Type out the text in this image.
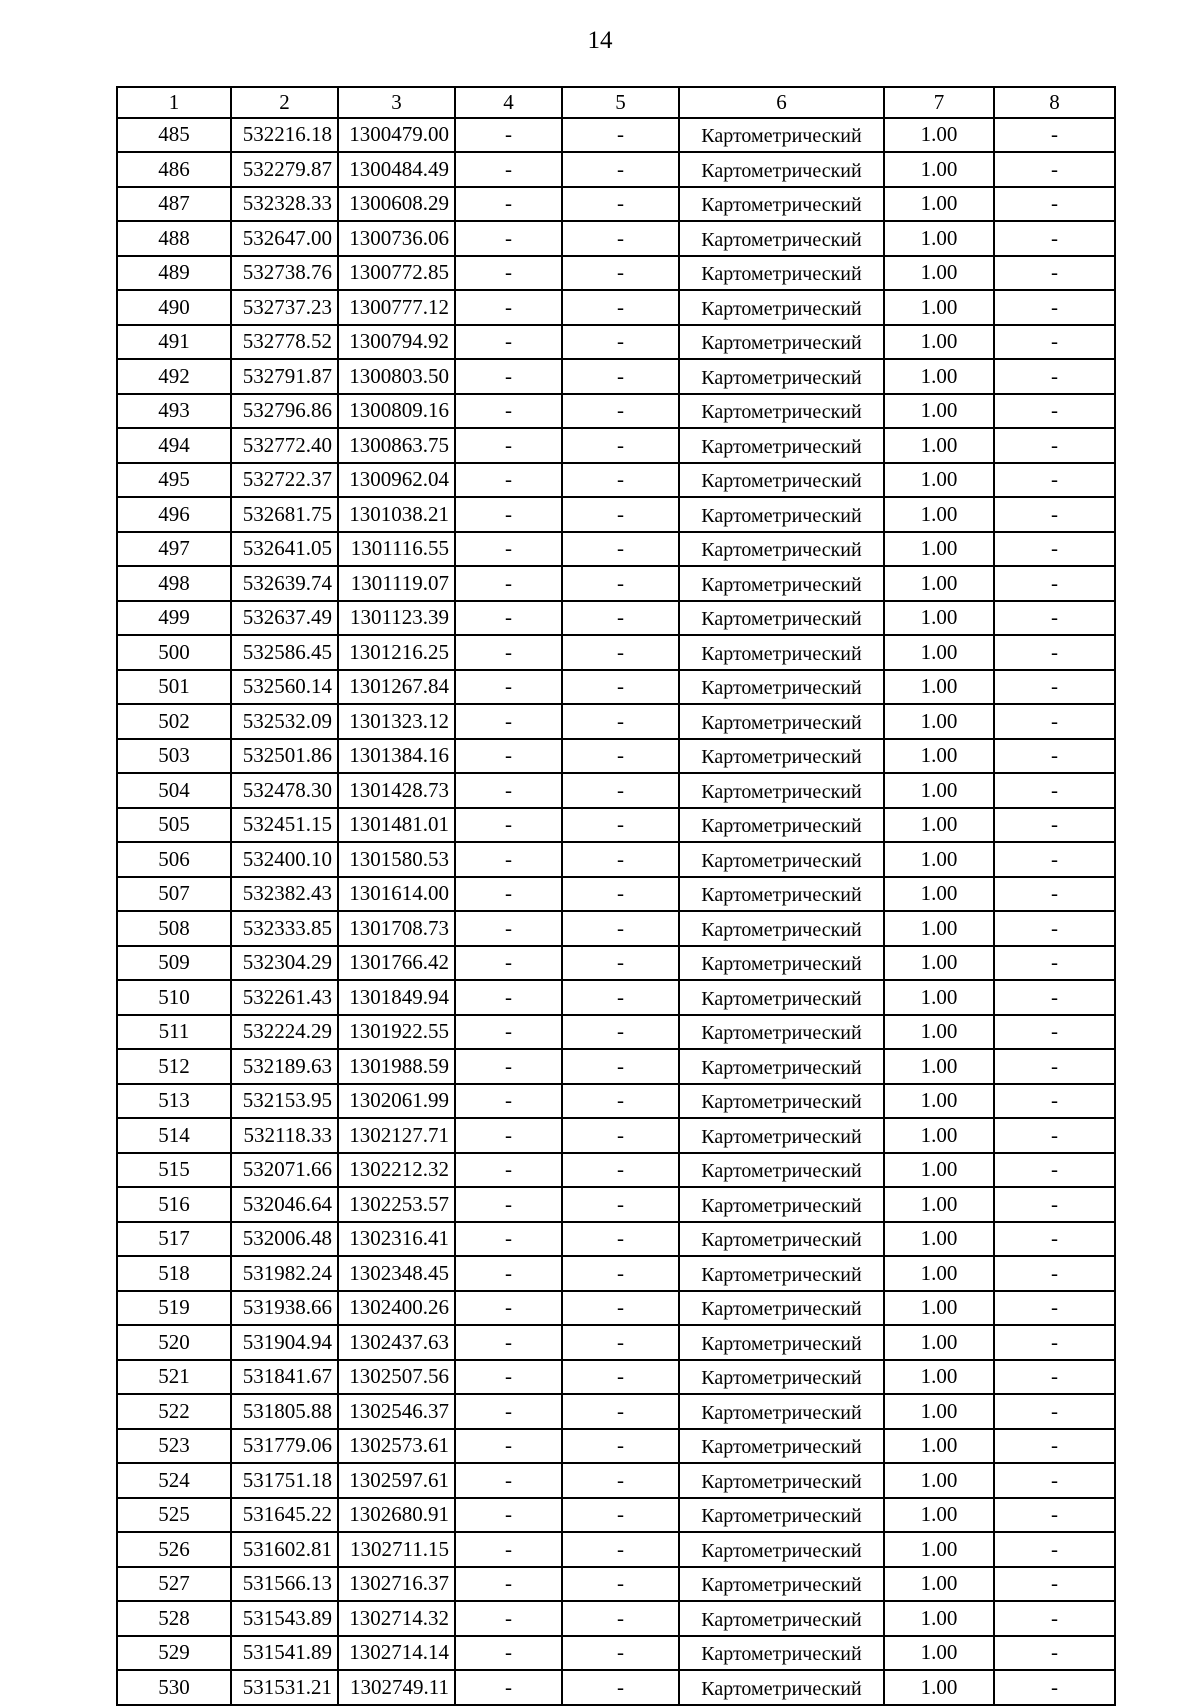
14
1	2	3	4	5	6	7	8
485	532216.18	1300479.00	-	-	Картометрический	1.00	-
486	532279.87	1300484.49	-	-	Картометрический	1.00	-
487	532328.33	1300608.29	-	-	Картометрический	1.00	-
488	532647.00	1300736.06	-	-	Картометрический	1.00	-
489	532738.76	1300772.85	-	-	Картометрический	1.00	-
490	532737.23	1300777.12	-	-	Картометрический	1.00	-
491	532778.52	1300794.92	-	-	Картометрический	1.00	-
492	532791.87	1300803.50	-	-	Картометрический	1.00	-
493	532796.86	1300809.16	-	-	Картометрический	1.00	-
494	532772.40	1300863.75	-	-	Картометрический	1.00	-
495	532722.37	1300962.04	-	-	Картометрический	1.00	-
496	532681.75	1301038.21	-	-	Картометрический	1.00	-
497	532641.05	1301116.55	-	-	Картометрический	1.00	-
498	532639.74	1301119.07	-	-	Картометрический	1.00	-
499	532637.49	1301123.39	-	-	Картометрический	1.00	-
500	532586.45	1301216.25	-	-	Картометрический	1.00	-
501	532560.14	1301267.84	-	-	Картометрический	1.00	-
502	532532.09	1301323.12	-	-	Картометрический	1.00	-
503	532501.86	1301384.16	-	-	Картометрический	1.00	-
504	532478.30	1301428.73	-	-	Картометрический	1.00	-
505	532451.15	1301481.01	-	-	Картометрический	1.00	-
506	532400.10	1301580.53	-	-	Картометрический	1.00	-
507	532382.43	1301614.00	-	-	Картометрический	1.00	-
508	532333.85	1301708.73	-	-	Картометрический	1.00	-
509	532304.29	1301766.42	-	-	Картометрический	1.00	-
510	532261.43	1301849.94	-	-	Картометрический	1.00	-
511	532224.29	1301922.55	-	-	Картометрический	1.00	-
512	532189.63	1301988.59	-	-	Картометрический	1.00	-
513	532153.95	1302061.99	-	-	Картометрический	1.00	-
514	532118.33	1302127.71	-	-	Картометрический	1.00	-
515	532071.66	1302212.32	-	-	Картометрический	1.00	-
516	532046.64	1302253.57	-	-	Картометрический	1.00	-
517	532006.48	1302316.41	-	-	Картометрический	1.00	-
518	531982.24	1302348.45	-	-	Картометрический	1.00	-
519	531938.66	1302400.26	-	-	Картометрический	1.00	-
520	531904.94	1302437.63	-	-	Картометрический	1.00	-
521	531841.67	1302507.56	-	-	Картометрический	1.00	-
522	531805.88	1302546.37	-	-	Картометрический	1.00	-
523	531779.06	1302573.61	-	-	Картометрический	1.00	-
524	531751.18	1302597.61	-	-	Картометрический	1.00	-
525	531645.22	1302680.91	-	-	Картометрический	1.00	-
526	531602.81	1302711.15	-	-	Картометрический	1.00	-
527	531566.13	1302716.37	-	-	Картометрический	1.00	-
528	531543.89	1302714.32	-	-	Картометрический	1.00	-
529	531541.89	1302714.14	-	-	Картометрический	1.00	-
530	531531.21	1302749.11	-	-	Картометрический	1.00	-
